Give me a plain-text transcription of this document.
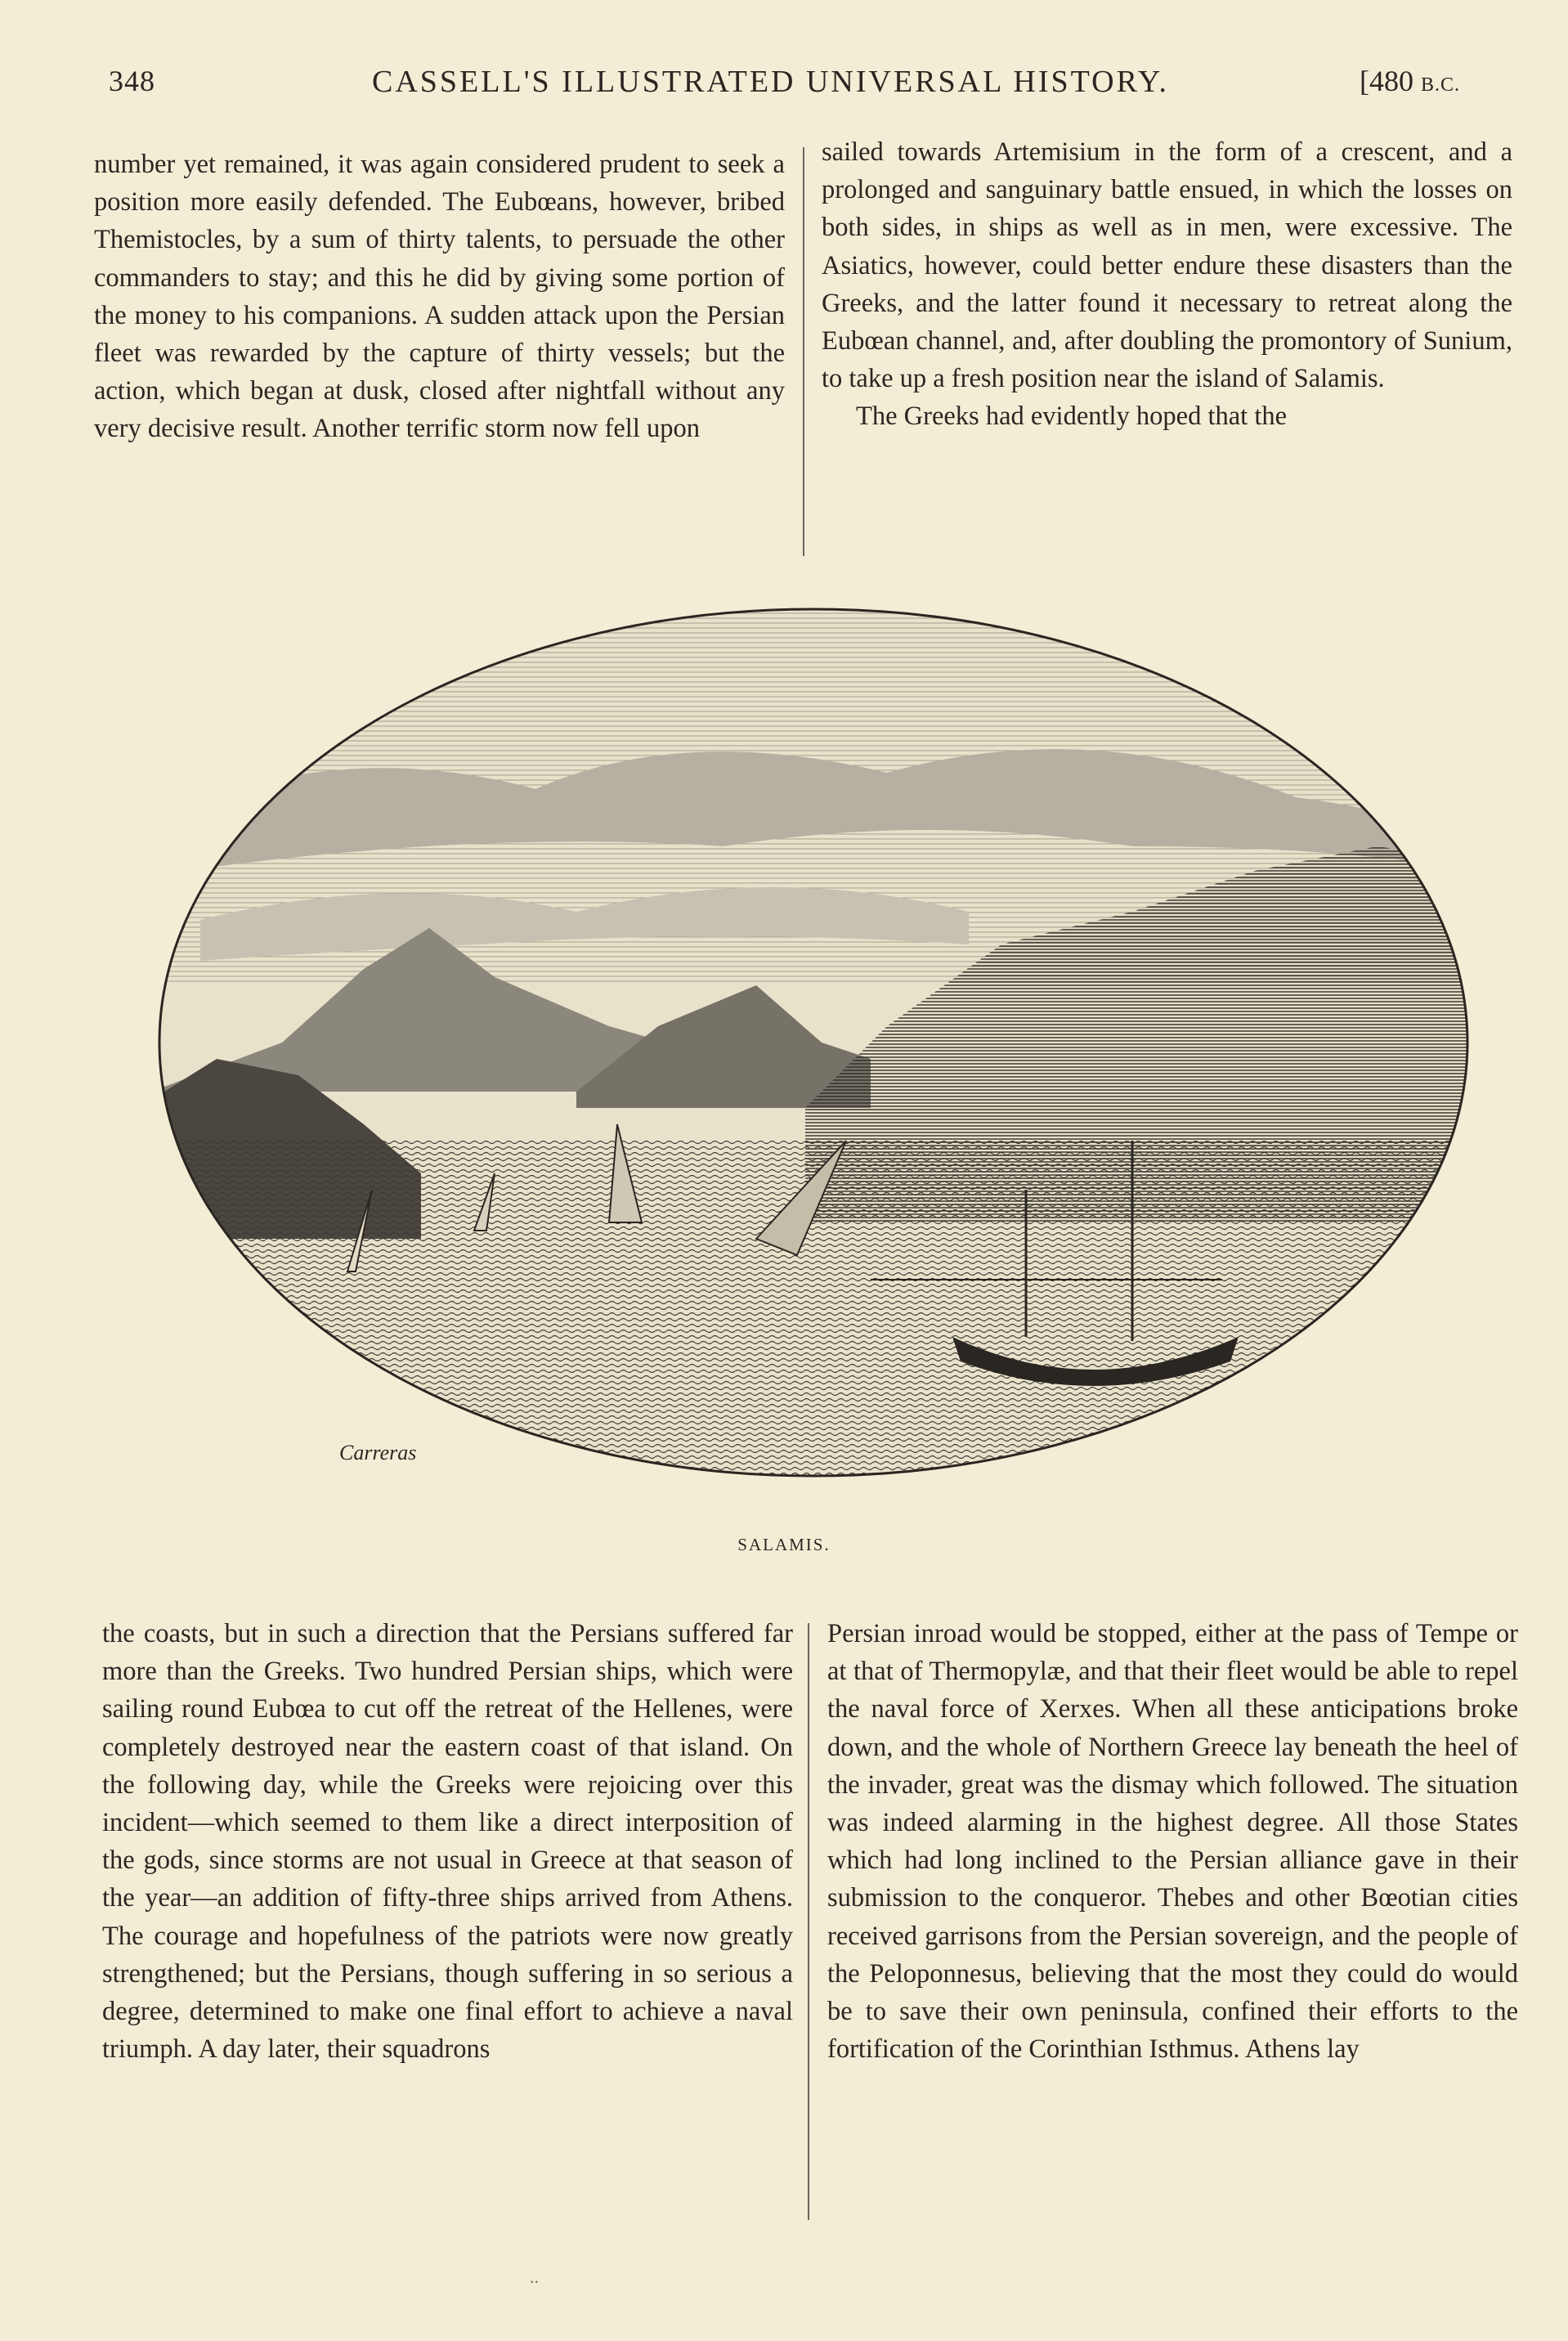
348	CASSELL'S ILLUSTRATED UNIVERSAL HISTORY.	[480 B.C.

number yet remained, it was again considered prudent to seek a position more easily defended. The Eubœans, however, bribed Themistocles, by a sum of thirty talents, to persuade the other commanders to stay; and this he did by giving some portion of the money to his companions. A sudden attack upon the Persian fleet was rewarded by the capture of thirty vessels; but the action, which began at dusk, closed after nightfall without any very decisive result. Another terrific storm now fell upon

sailed towards Artemisium in the form of a crescent, and a prolonged and sanguinary battle ensued, in which the losses on both sides, in ships as well as in men, were excessive. The Asiatics, however, could better endure these disasters than the Greeks, and the latter found it necessary to retreat along the Eubœan channel, and, after doubling the promontory of Sunium, to take up a fresh position near the island of Salamis.

The Greeks had evidently hoped that the

Carreras
SALAMIS.

the coasts, but in such a direction that the Persians suffered far more than the Greeks. Two hundred Persian ships, which were sailing round Eubœa to cut off the retreat of the Hellenes, were completely destroyed near the eastern coast of that island. On the following day, while the Greeks were rejoicing over this incident—which seemed to them like a direct interposition of the gods, since storms are not usual in Greece at that season of the year—an addition of fifty-three ships arrived from Athens. The courage and hopefulness of the patriots were now greatly strengthened; but the Persians, though suffering in so serious a degree, determined to make one final effort to achieve a naval triumph. A day later, their squadrons

Persian inroad would be stopped, either at the pass of Tempe or at that of Thermopylæ, and that their fleet would be able to repel the naval force of Xerxes. When all these anticipations broke down, and the whole of Northern Greece lay beneath the heel of the invader, great was the dismay which followed. The situation was indeed alarming in the highest degree. All those States which had long inclined to the Persian alliance gave in their submission to the conqueror. Thebes and other Bœotian cities received garrisons from the Persian sovereign, and the people of the Peloponnesus, believing that the most they could do would be to save their own peninsula, confined their efforts to the fortification of the Corinthian Isthmus. Athens lay

..
